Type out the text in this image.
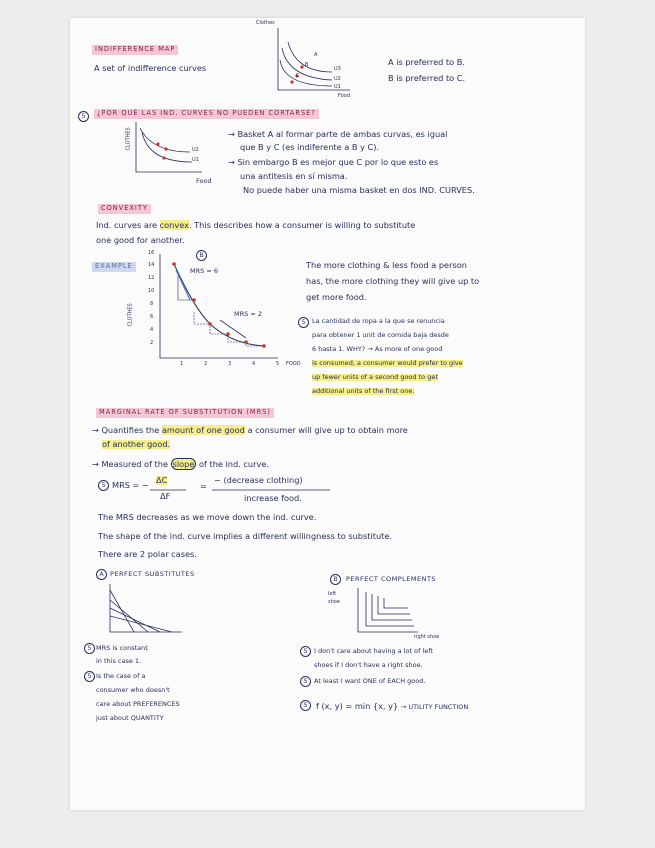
INDIFFERENCE MAP
A set of indifference curves
Clothes
Food
A
B
C
U3
U2
U1
A is preferred to B.
B is preferred to C.
5	¿POR QUÉ LAS IND. CURVES NO PUEDEN CORTARSE?
CLOTHES	U2
U1
Food
→ Basket A al formar parte de ambas curvas, es igual
que B y C (es indiferente a B y C).
→ Sin embargo B es mejor que C por lo que esto es
una antitesis en sí misma.
No puede haber una misma basket en dos IND. CURVES.
CONVEXITY
Ind. curves are convex. This describes how a consumer is willing to substitute
one good for another.
EXAMPLE
B
16
14
12
10
8
6
4
2
1	2	3	4	5
CLOTHES
FOOD
MRS = 6
MRS = 2
The more clothing & less food a person
has, the more clothing they will give up to
get more food.
5	La cantidad de ropa a la que se renuncia
para obtener 1 unit de comida baja desde
6 hasta 1. WHY? → As more of one good
is consumed, a consumer would prefer to give
up fewer units of a second good to get
additional units of the first one.
MARGINAL RATE OF SUBSTITUTION (MRS)
→ Quantifies the amount of one good a consumer will give up to obtain more
of another good.
→ Measured of the slope of the ind. curve.
5 MRS = − ΔC
ΔF
=
− (decrease clothing)
increase food.
The MRS decreases as we move down the ind. curve.
The shape of the ind. curve implies a different willingness to substitute.
There are 2 polar cases.
A PERFECT SUBSTITUTES
5 MRS is constant
in this case 1.
5 Is the case of a
consumer who doesn't
care about PREFERENCES
just about QUANTITY
B	PERFECT COMPLEMENTS
left
shoe
right shoe
5	I don't care about having a lot of left
shoes if I don't have a right shoe.
5	At least I want ONE of EACH good.
5	f (x, y) = min {x, y} → UTILITY FUNCTION
